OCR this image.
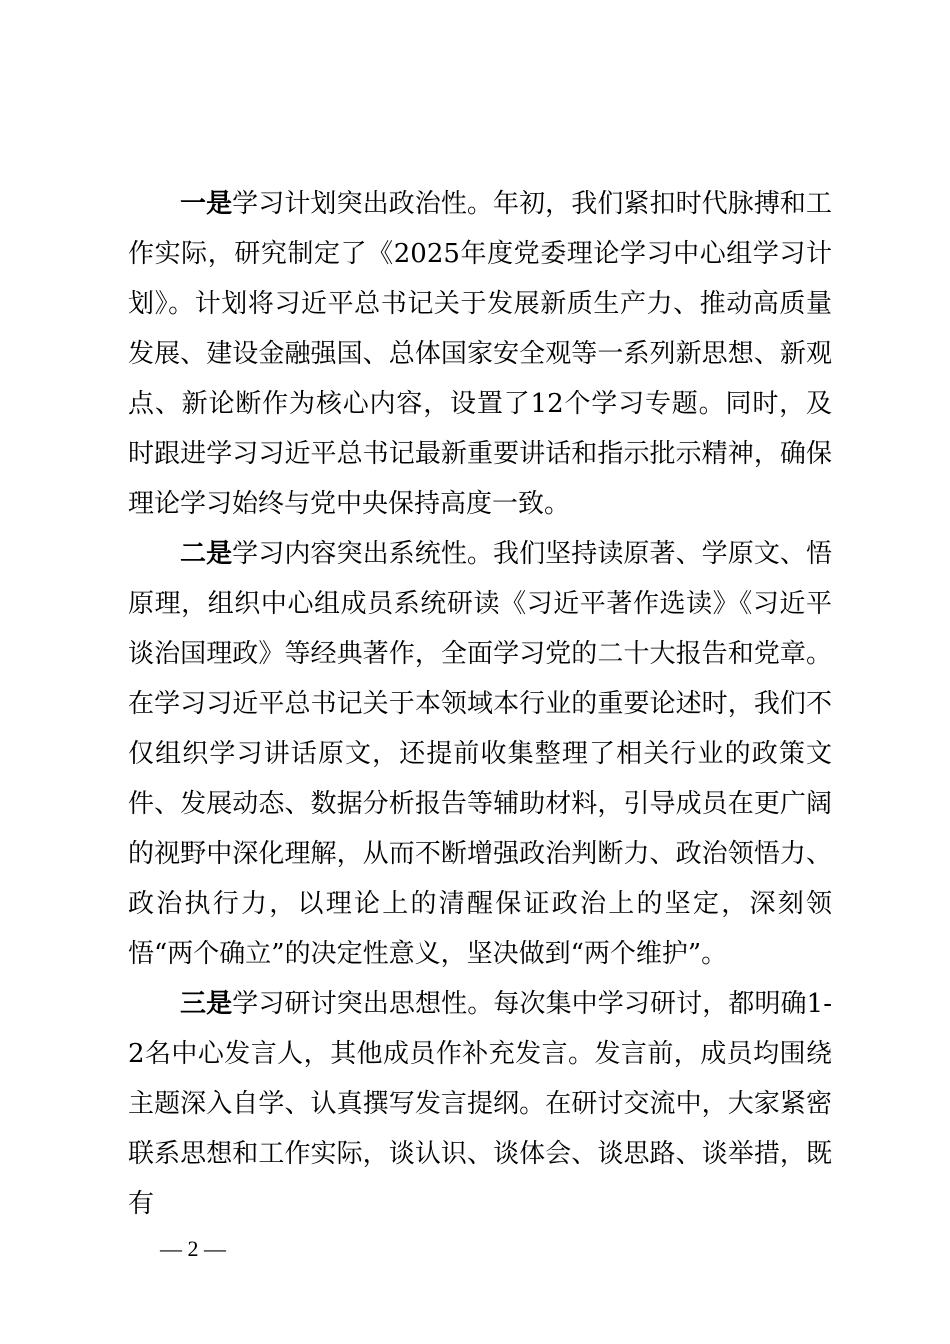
一是学习计划突出政治性。年初，我们紧扣时代脉搏和工作实际，研究制定了《2025年度党委理论学习中心组学习计划》。计划将习近平总书记关于发展新质生产力、推动高质量发展、建设金融强国、总体国家安全观等一系列新思想、新观点、新论断作为核心内容，设置了12个学习专题。同时，及时跟进学习习近平总书记最新重要讲话和指示批示精神，确保理论学习始终与党中央保持高度一致。

二是学习内容突出系统性。我们坚持读原著、学原文、悟原理，组织中心组成员系统研读《习近平著作选读》《习近平谈治国理政》等经典著作，全面学习党的二十大报告和党章。在学习习近平总书记关于本领域本行业的重要论述时，我们不仅组织学习讲话原文，还提前收集整理了相关行业的政策文件、发展动态、数据分析报告等辅助材料，引导成员在更广阔的视野中深化理解，从而不断增强政治判断力、政治领悟力、政治执行力，以理论上的清醒保证政治上的坚定，深刻领悟“两个确立”的决定性意义，坚决做到“两个维护”。

三是学习研讨突出思想性。每次集中学习研讨，都明确1-2名中心发言人，其他成员作补充发言。发言前，成员均围绕主题深入自学、认真撰写发言提纲。在研讨交流中，大家紧密联系思想和工作实际，谈认识、谈体会、谈思路、谈举措，既有

— 2 —
